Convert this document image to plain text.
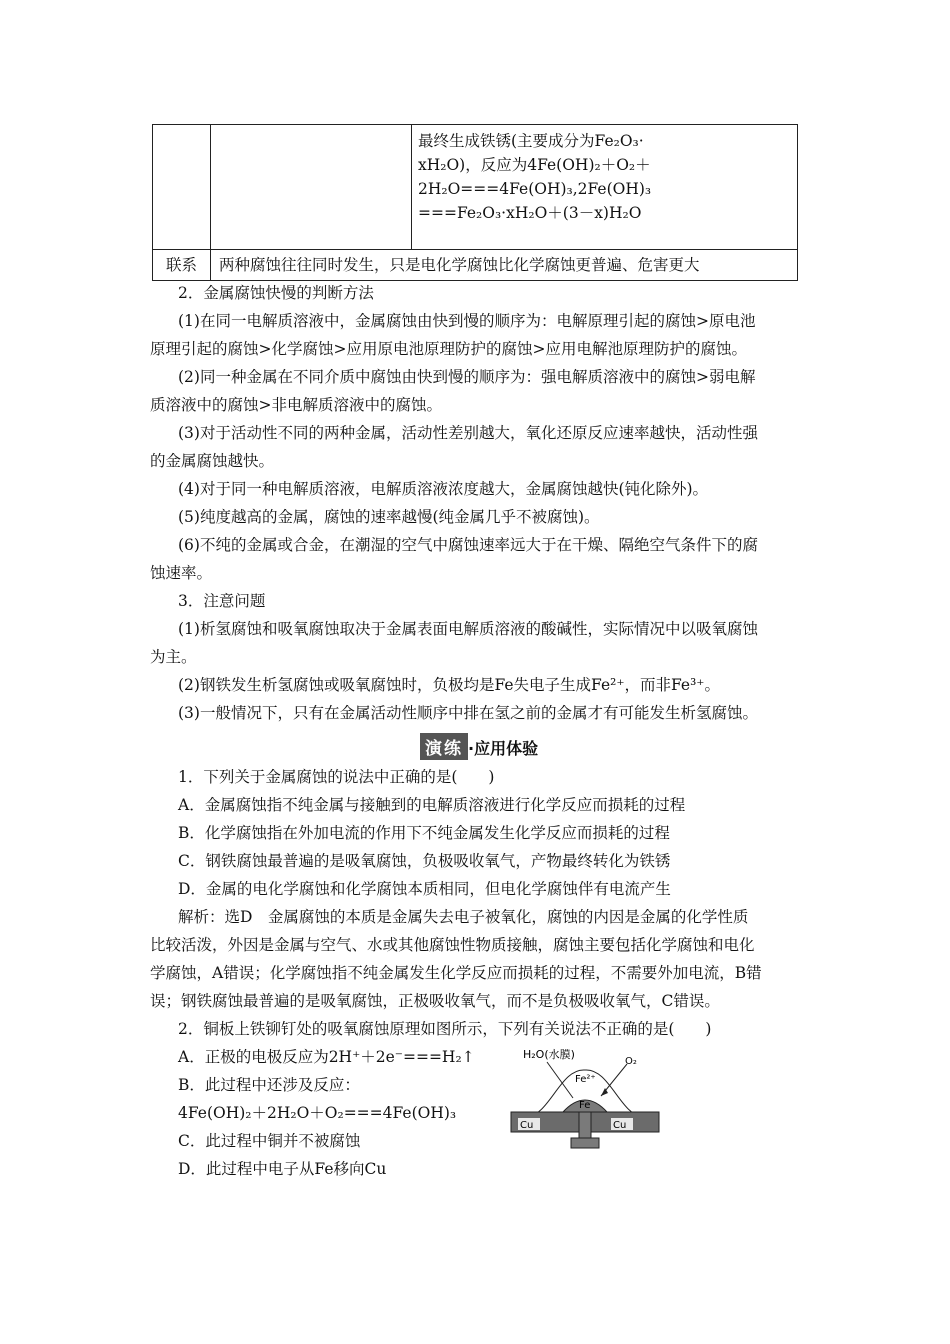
		最终生成铁锈(主要成分为Fe₂O₃·
xH₂O)，反应为4Fe(OH)₂＋O₂＋
2H₂O===4Fe(OH)₃,2Fe(OH)₃
===Fe₂O₃·xH₂O＋(3－x)H₂O

联系	两种腐蚀往往同时发生，只是电化学腐蚀比化学腐蚀更普遍、危害更大	
2．金属腐蚀快慢的判断方法
(1)在同一电解质溶液中，金属腐蚀由快到慢的顺序为：电解原理引起的腐蚀>原电池
原理引起的腐蚀>化学腐蚀>应用原电池原理防护的腐蚀>应用电解池原理防护的腐蚀。
(2)同一种金属在不同介质中腐蚀由快到慢的顺序为：强电解质溶液中的腐蚀>弱电解
质溶液中的腐蚀>非电解质溶液中的腐蚀。
(3)对于活动性不同的两种金属，活动性差别越大，氧化还原反应速率越快，活动性强
的金属腐蚀越快。
(4)对于同一种电解质溶液，电解质溶液浓度越大，金属腐蚀越快(钝化除外)。
(5)纯度越高的金属，腐蚀的速率越慢(纯金属几乎不被腐蚀)。
(6)不纯的金属或合金，在潮湿的空气中腐蚀速率远大于在干燥、隔绝空气条件下的腐
蚀速率。
3．注意问题
(1)析氢腐蚀和吸氧腐蚀取决于金属表面电解质溶液的酸碱性，实际情况中以吸氧腐蚀
为主。
(2)钢铁发生析氢腐蚀或吸氧腐蚀时，负极均是Fe失电子生成Fe²⁺，而非Fe³⁺。
(3)一般情况下，只有在金属活动性顺序中排在氢之前的金属才有可能发生析氢腐蚀。
演练 ·应用体验
1．下列关于金属腐蚀的说法中正确的是(　　)
A．金属腐蚀指不纯金属与接触到的电解质溶液进行化学反应而损耗的过程
B．化学腐蚀指在外加电流的作用下不纯金属发生化学反应而损耗的过程
C．钢铁腐蚀最普遍的是吸氧腐蚀，负极吸收氧气，产物最终转化为铁锈
D．金属的电化学腐蚀和化学腐蚀本质相同，但电化学腐蚀伴有电流产生
解析：选D　金属腐蚀的本质是金属失去电子被氧化，腐蚀的内因是金属的化学性质
比较活泼，外因是金属与空气、水或其他腐蚀性物质接触，腐蚀主要包括化学腐蚀和电化
学腐蚀，A错误；化学腐蚀指不纯金属发生化学反应而损耗的过程，不需要外加电流，B错
误；钢铁腐蚀最普遍的是吸氧腐蚀，正极吸收氧气，而不是负极吸收氧气，C错误。
2．铜板上铁铆钉处的吸氧腐蚀原理如图所示，下列有关说法不正确的是(　　)
A．正极的电极反应为2H⁺＋2e⁻===H₂↑
B．此过程中还涉及反应：
4Fe(OH)₂＋2H₂O＋O₂===4Fe(OH)₃
C．此过程中铜并不被腐蚀
D．此过程中电子从Fe移向Cu
H₂O(水膜)
Fe²⁺
O₂
Fe
Cu	Cu
